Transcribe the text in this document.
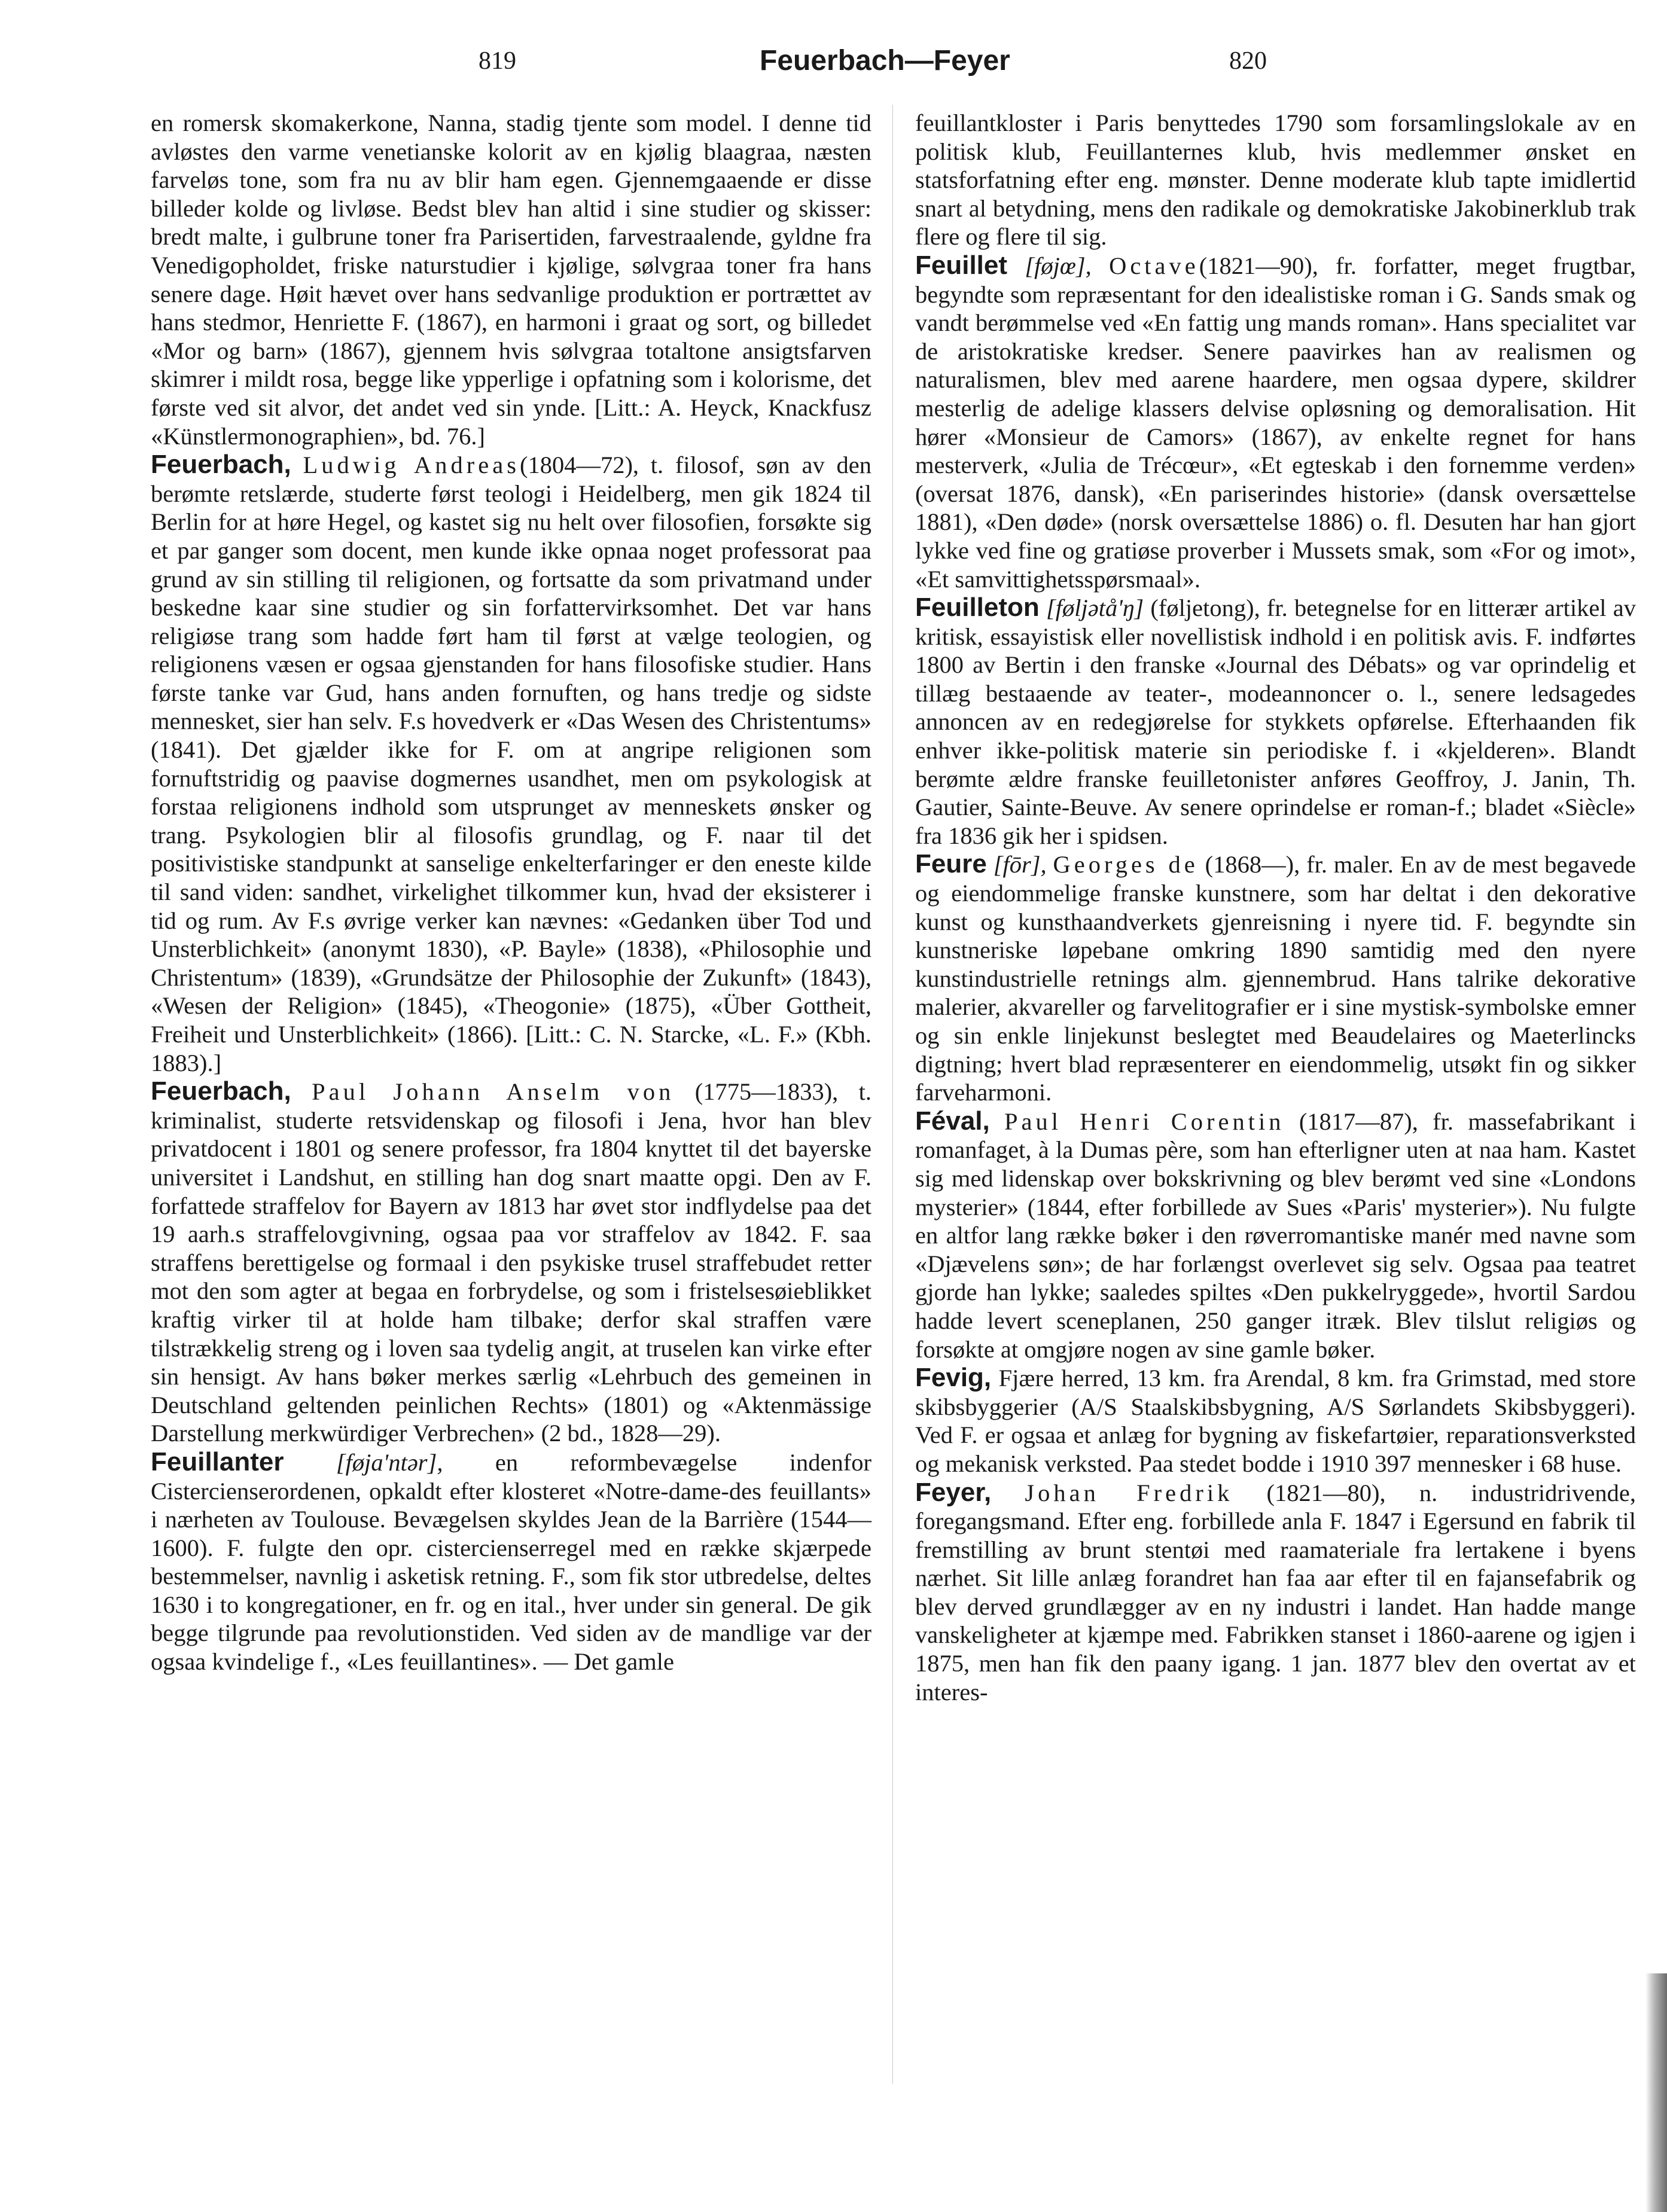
819	Feuerbach—Feyer	820

en romersk skomakerkone, Nanna, stadig tjente som model. I denne tid avløstes den varme venetianske kolorit av en kjølig blaagraa, næsten farveløs tone, som fra nu av blir ham egen. Gjennemgaaende er disse billeder kolde og livløse. Bedst blev han altid i sine studier og skisser: bredt malte, i gulbrune toner fra Parisertiden, farvestraalende, gyldne fra Venedigopholdet, friske naturstudier i kjølige, sølvgraa toner fra hans senere dage. Høit hævet over hans sedvanlige produktion er portrættet av hans stedmor, Henriette F. (1867), en harmoni i graat og sort, og billedet «Mor og barn» (1867), gjennem hvis sølvgraa totaltone ansigtsfarven skimrer i mildt rosa, begge like ypperlige i opfatning som i kolorisme, det første ved sit alvor, det andet ved sin ynde. [Litt.: A. Heyck, Knackfusz «Künstlermonographien», bd. 76.]

Feuerbach, Ludwig Andreas(1804—72), t. filosof, søn av den berømte retslærde, studerte først teologi i Heidelberg, men gik 1824 til Berlin for at høre Hegel, og kastet sig nu helt over filosofien, forsøkte sig et par ganger som docent, men kunde ikke opnaa noget professorat paa grund av sin stilling til religionen, og fortsatte da som privatmand under beskedne kaar sine studier og sin forfattervirksomhet. Det var hans religiøse trang som hadde ført ham til først at vælge teologien, og religionens væsen er ogsaa gjenstanden for hans filosofiske studier. Hans første tanke var Gud, hans anden fornuften, og hans tredje og sidste mennesket, sier han selv. F.s hovedverk er «Das Wesen des Christentums» (1841). Det gjælder ikke for F. om at angripe religionen som fornuftstridig og paavise dogmernes usandhet, men om psykologisk at forstaa religionens indhold som utsprunget av menneskets ønsker og trang. Psykologien blir al filosofis grundlag, og F. naar til det positivistiske standpunkt at sanselige enkelterfaringer er den eneste kilde til sand viden: sandhet, virkelighet tilkommer kun, hvad der eksisterer i tid og rum. Av F.s øvrige verker kan nævnes: «Gedanken über Tod und Unsterblichkeit» (anonymt 1830), «P. Bayle» (1838), «Philosophie und Christentum» (1839), «Grundsätze der Philosophie der Zukunft» (1843), «Wesen der Religion» (1845), «Theogonie» (1875), «Über Gottheit, Freiheit und Unsterblichkeit» (1866). [Litt.: C. N. Starcke, «L. F.» (Kbh. 1883).]

Feuerbach, Paul Johann Anselm von (1775—1833), t. kriminalist, studerte retsvidenskap og filosofi i Jena, hvor han blev privatdocent i 1801 og senere professor, fra 1804 knyttet til det bayerske universitet i Landshut, en stilling han dog snart maatte opgi. Den av F. forfattede straffelov for Bayern av 1813 har øvet stor indflydelse paa det 19 aarh.s straffelovgivning, ogsaa paa vor straffelov av 1842. F. saa straffens berettigelse og formaal i den psykiske trusel straffebudet retter mot den som agter at begaa en forbrydelse, og som i fristelsesøieblikket kraftig virker til at holde ham tilbake; derfor skal straffen være tilstrækkelig streng og i loven saa tydelig angit, at truselen kan virke efter sin hensigt. Av hans bøker merkes særlig «Lehrbuch des gemeinen in Deutschland geltenden peinlichen Rechts» (1801) og «Aktenmässige Darstellung merkwürdiger Verbrechen» (2 bd., 1828—29).

Feuillanter [føja'ntər], en reformbevægelse indenfor Cistercienserordenen, opkaldt efter klosteret «Notre-dame-des feuillants» i nærheten av Toulouse. Bevægelsen skyldes Jean de la Barrière (1544—1600). F. fulgte den opr. cistercienserregel med en række skjærpede bestemmelser, navnlig i asketisk retning. F., som fik stor utbredelse, deltes 1630 i to kongregationer, en fr. og en ital., hver under sin general. De gik begge tilgrunde paa revolutionstiden. Ved siden av de mandlige var der ogsaa kvindelige f., «Les feuillantines». — Det gamle

feuillantkloster i Paris benyttedes 1790 som forsamlingslokale av en politisk klub, Feuillanternes klub, hvis medlemmer ønsket en statsforfatning efter eng. mønster. Denne moderate klub tapte imidlertid snart al betydning, mens den radikale og demokratiske Jakobinerklub trak flere og flere til sig.

Feuillet [føjœ], Octave(1821—90), fr. forfatter, meget frugtbar, begyndte som repræsentant for den idealistiske roman i G. Sands smak og vandt berømmelse ved «En fattig ung mands roman». Hans specialitet var de aristokratiske kredser. Senere paavirkes han av realismen og naturalismen, blev med aarene haardere, men ogsaa dypere, skildrer mesterlig de adelige klassers delvise opløsning og demoralisation. Hit hører «Monsieur de Camors» (1867), av enkelte regnet for hans mesterverk, «Julia de Trécœur», «Et egteskab i den fornemme verden» (oversat 1876, dansk), «En pariserindes historie» (dansk oversættelse 1881), «Den døde» (norsk oversættelse 1886) o. fl. Desuten har han gjort lykke ved fine og gratiøse proverber i Mussets smak, som «For og imot», «Et samvittighetsspørsmaal».

Feuilleton [føljətå'ŋ] (føljetong), fr. betegnelse for en litterær artikel av kritisk, essayistisk eller novellistisk indhold i en politisk avis. F. indførtes 1800 av Bertin i den franske «Journal des Débats» og var oprindelig et tillæg bestaaende av teater-, modeannoncer o. l., senere ledsagedes annoncen av en redegjørelse for stykkets opførelse. Efterhaanden fik enhver ikke-politisk materie sin periodiske f. i «kjelderen». Blandt berømte ældre franske feuilletonister anføres Geoffroy, J. Janin, Th. Gautier, Sainte-Beuve. Av senere oprindelse er roman-f.; bladet «Siècle» fra 1836 gik her i spidsen.

Feure [fōr], Georges de (1868—), fr. maler. En av de mest begavede og eiendommelige franske kunstnere, som har deltat i den dekorative kunst og kunsthaandverkets gjenreisning i nyere tid. F. begyndte sin kunstneriske løpebane omkring 1890 samtidig med den nyere kunstindustrielle retnings alm. gjennembrud. Hans talrike dekorative malerier, akvareller og farvelitografier er i sine mystisk-symbolske emner og sin enkle linjekunst beslegtet med Beaudelaires og Maeterlincks digtning; hvert blad repræsenterer en eiendommelig, utsøkt fin og sikker farveharmoni.

Féval, Paul Henri Corentin (1817—87), fr. massefabrikant i romanfaget, à la Dumas père, som han efterligner uten at naa ham. Kastet sig med lidenskap over bokskrivning og blev berømt ved sine «Londons mysterier» (1844, efter forbillede av Sues «Paris' mysterier»). Nu fulgte en altfor lang række bøker i den røverromantiske manér med navne som «Djævelens søn»; de har forlængst overlevet sig selv. Ogsaa paa teatret gjorde han lykke; saaledes spiltes «Den pukkelryggede», hvortil Sardou hadde levert sceneplanen, 250 ganger itræk. Blev tilslut religiøs og forsøkte at omgjøre nogen av sine gamle bøker.

Fevig, Fjære herred, 13 km. fra Arendal, 8 km. fra Grimstad, med store skibsbyggerier (A/S Staalskibsbygning, A/S Sørlandets Skibsbyggeri). Ved F. er ogsaa et anlæg for bygning av fiskefartøier, reparationsverksted og mekanisk verksted. Paa stedet bodde i 1910 397 mennesker i 68 huse.

Feyer, Johan Fredrik (1821—80), n. industridrivende, foregangsmand. Efter eng. forbillede anla F. 1847 i Egersund en fabrik til fremstilling av brunt stentøi med raamateriale fra lertakene i byens nærhet. Sit lille anlæg forandret han faa aar efter til en fajansefabrik og blev derved grundlægger av en ny industri i landet. Han hadde mange vanskeligheter at kjæmpe med. Fabrikken stanset i 1860-aarene og igjen i 1875, men han fik den paany igang. 1 jan. 1877 blev den overtat av et interes-
